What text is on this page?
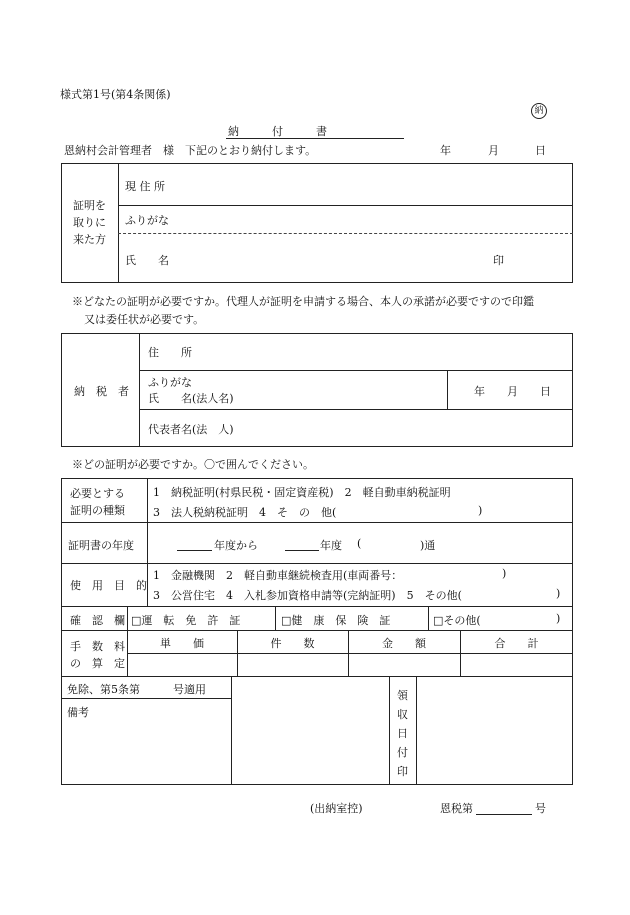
様式第1号(第4条関係)
納
納　　　付　　　書
恩納村会計管理者　様　下記のとおり納付します。	年	月	日
証明を
取りに
来た方
現 住 所
ふりがな
氏　　名	印
※どなたの証明が必要ですか。代理人が証明を申請する場合、本人の承諾が必要ですので印鑑
又は委任状が必要です。
納　税　者
住　　所
ふりがな
氏　　名(法人名)
年　　月　　日
代表者名(法　人)
※どの証明が必要ですか。〇で囲んでください。
必要とする
証明の種類
1　納税証明(村県民税・固定資産税)　2　軽自動車納税証明
3　法人税納税証明　4　そ　の　他(	)
証明書の年度	年度から	年度 (	)通
使　用　目　的
1　金融機関　2　軽自動車継続検査用(車両番号：	)
3　公営住宅　4　入札参加資格申請等(完納証明)　5　その他(	)
確　認　欄 □運　転　免　許　証	□健　康　保　険　証	□その他(	)
手　数　料
の　算　定
単　　価	件　　数	金　　額	合　　計
免除、第5条第　　　号適用
備考
領
収
日
付
印
(出納室控)	恩税第	号
